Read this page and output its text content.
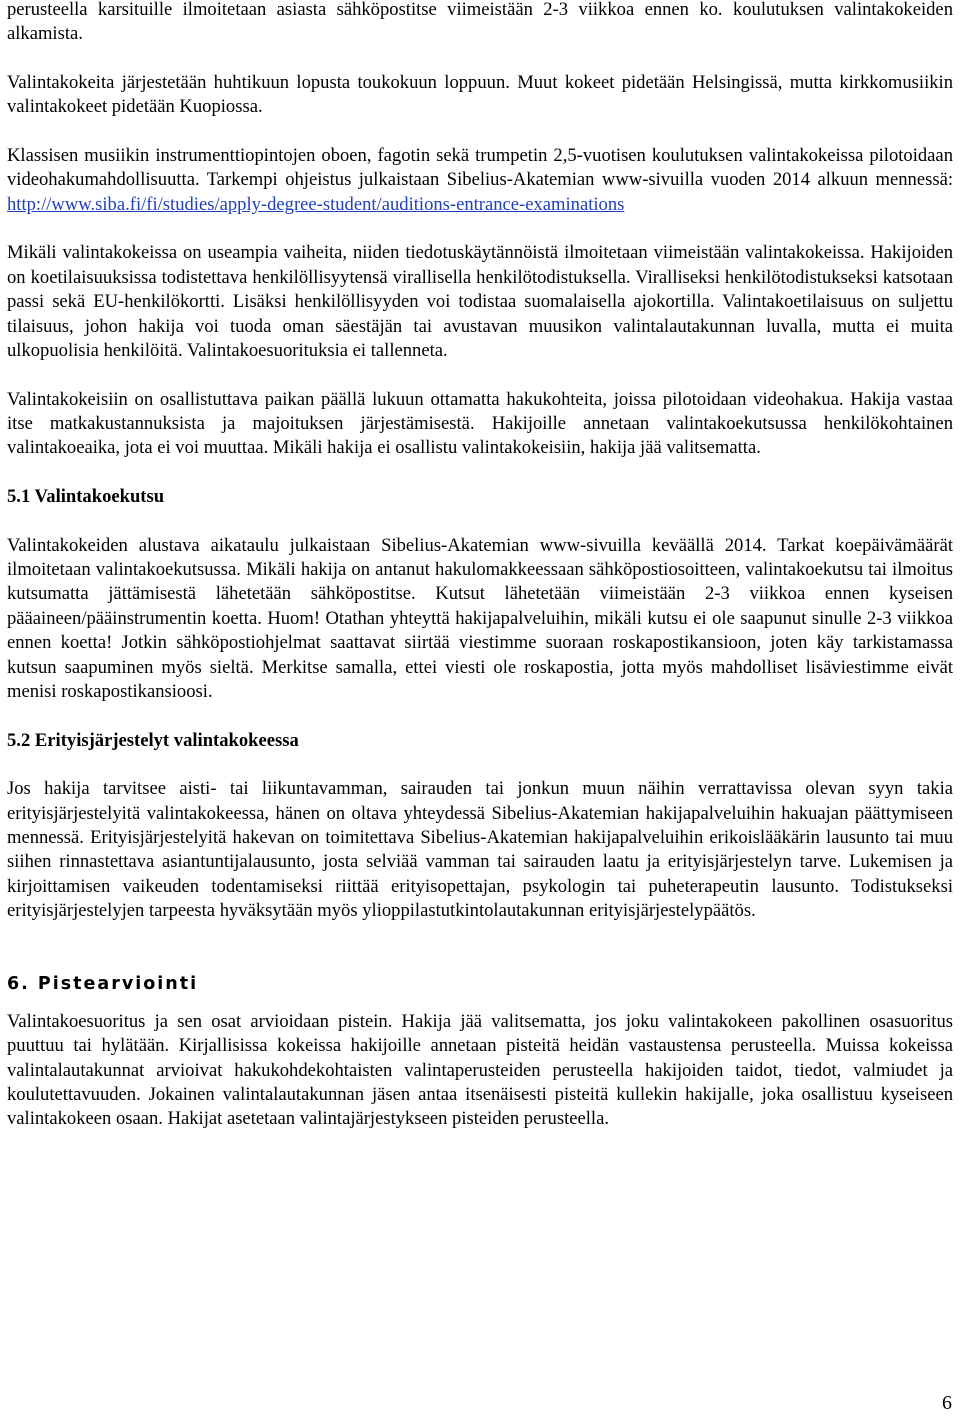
perusteella karsituille ilmoitetaan asiasta sähköpostitse viimeistään 2-3 viikkoa ennen ko. koulutuksen valintakokeiden alkamista.

Valintakokeita järjestetään huhtikuun lopusta toukokuun loppuun. Muut kokeet pidetään Helsingissä, mutta kirkkomusiikin valintakokeet pidetään Kuopiossa.

Klassisen musiikin instrumenttiopintojen oboen, fagotin sekä trumpetin 2,5-vuotisen koulutuksen valintakokeissa pilotoidaan videohakumahdollisuutta. Tarkempi ohjeistus julkaistaan Sibelius-Akatemian www-sivuilla vuoden 2014 alkuun mennessä: http://www.siba.fi/fi/studies/apply-degree-student/auditions-entrance-examinations

Mikäli valintakokeissa on useampia vaiheita, niiden tiedotuskäytännöistä ilmoitetaan viimeistään valintakokeissa. Hakijoiden on koetilaisuuksissa todistettava henkilöllisyytensä virallisella henkilötodistuksella. Viralliseksi henkilötodistukseksi katsotaan passi sekä EU-henkilökortti. Lisäksi henkilöllisyyden voi todistaa suomalaisella ajokortilla. Valintakoetilaisuus on suljettu tilaisuus, johon hakija voi tuoda oman säestäjän tai avustavan muusikon valintalautakunnan luvalla, mutta ei muita ulkopuolisia henkilöitä. Valintakoesuorituksia ei tallenneta.

Valintakokeisiin on osallistuttava paikan päällä lukuun ottamatta hakukohteita, joissa pilotoidaan videohakua. Hakija vastaa itse matkakustannuksista ja majoituksen järjestämisestä. Hakijoille annetaan valintakoekutsussa henkilökohtainen valintakoeaika, jota ei voi muuttaa. Mikäli hakija ei osallistu valintakokeisiin, hakija jää valitsematta.

5.1 Valintakoekutsu

Valintakokeiden alustava aikataulu julkaistaan Sibelius-Akatemian www-sivuilla keväällä 2014. Tarkat koepäivämäärät ilmoitetaan valintakoekutsussa. Mikäli hakija on antanut hakulomakkeessaan sähköpostiosoitteen, valintakoekutsu tai ilmoitus kutsumatta jättämisestä lähetetään sähköpostitse. Kutsut lähetetään viimeistään 2-3 viikkoa ennen kyseisen pääaineen/pääinstrumentin koetta. Huom! Otathan yhteyttä hakijapalveluihin, mikäli kutsu ei ole saapunut sinulle 2-3 viikkoa ennen koetta! Jotkin sähköpostiohjelmat saattavat siirtää viestimme suoraan roskapostikansioon, joten käy tarkistamassa kutsun saapuminen myös sieltä. Merkitse samalla, ettei viesti ole roskapostia, jotta myös mahdolliset lisäviestimme eivät menisi roskapostikansioosi.

5.2 Erityisjärjestelyt valintakokeessa

Jos hakija tarvitsee aisti- tai liikuntavamman, sairauden tai jonkun muun näihin verrattavissa olevan syyn takia erityisjärjestelyitä valintakokeessa, hänen on oltava yhteydessä Sibelius-Akatemian hakijapalveluihin hakuajan päättymiseen mennessä. Erityisjärjestelyitä hakevan on toimitettava Sibelius-Akatemian hakijapalveluihin erikoislääkärin lausunto tai muu siihen rinnastettava asiantuntijalausunto, josta selviää vamman tai sairauden laatu ja erityisjärjestelyn tarve. Lukemisen ja kirjoittamisen vaikeuden todentamiseksi riittää erityisopettajan, psykologin tai puheterapeutin lausunto. Todistukseksi erityisjärjestelyjen tarpeesta hyväksytään myös ylioppilastutkintolautakunnan erityisjärjestelypäätös.

6. Pistearviointi

Valintakoesuoritus ja sen osat arvioidaan pistein. Hakija jää valitsematta, jos joku valintakokeen pakollinen osasuoritus puuttuu tai hylätään. Kirjallisissa kokeissa hakijoille annetaan pisteitä heidän vastaustensa perusteella. Muissa kokeissa valintalautakunnat arvioivat hakukohdekohtaisten valintaperusteiden perusteella hakijoiden taidot, tiedot, valmiudet ja koulutettavuuden. Jokainen valintalautakunnan jäsen antaa itsenäisesti pisteitä kullekin hakijalle, joka osallistuu kyseiseen valintakokeen osaan. Hakijat asetetaan valintajärjestykseen pisteiden perusteella.

6
